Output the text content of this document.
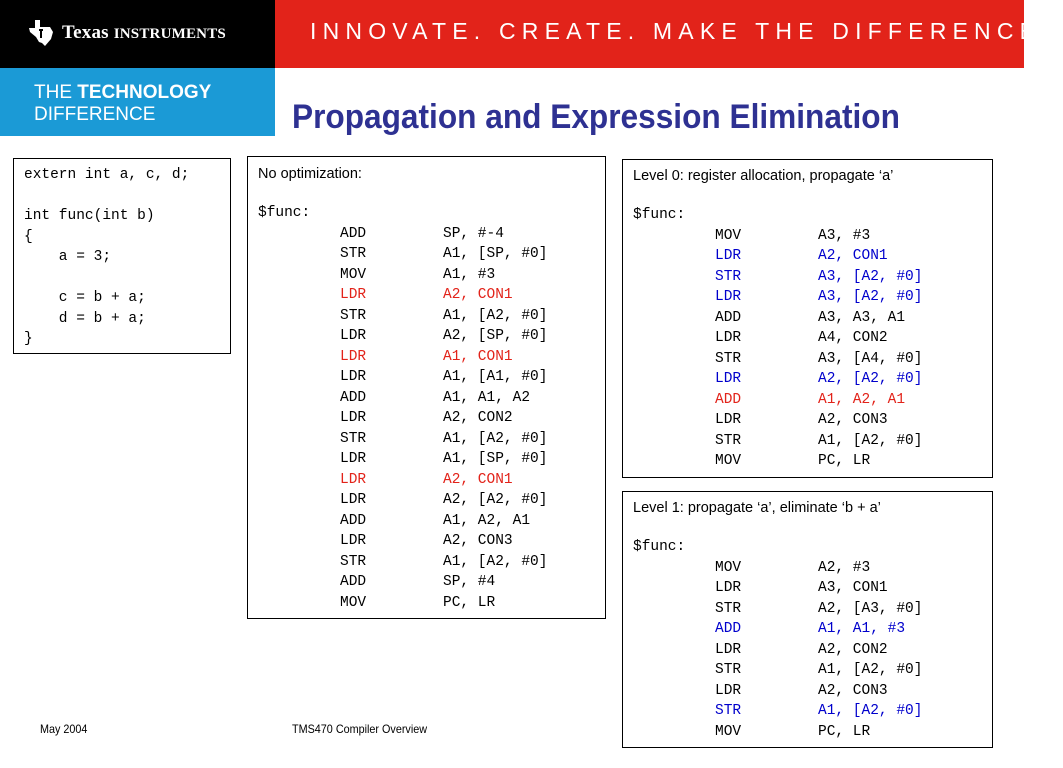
Texas INSTRUMENTS	INNOVATE. CREATE. MAKE THE DIFFERENCE.™
THE TECHNOLOGY
DIFFERENCE	Propagation and Expression Elimination
extern int a, c, d;
int func(int b)
{
a = 3;
c = b + a;
d = b + a;
}
No optimization:
$func:
ADD	SP, #-4
STR	A1, [SP, #0]
MOV	A1, #3
LDR	A2, CON1
STR	A1, [A2, #0]
LDR	A2, [SP, #0]
LDR	A1, CON1
LDR	A1, [A1, #0]
ADD	A1, A1, A2
LDR	A2, CON2
STR	A1, [A2, #0]
LDR	A1, [SP, #0]
LDR	A2, CON1
LDR	A2, [A2, #0]
ADD	A1, A2, A1
LDR	A2, CON3
STR	A1, [A2, #0]
ADD	SP, #4
MOV	PC, LR
Level 0: register allocation, propagate ‘a’
$func:
MOV	A3, #3
LDR	A2, CON1
STR	A3, [A2, #0]
LDR	A3, [A2, #0]
ADD	A3, A3, A1
LDR	A4, CON2
STR	A3, [A4, #0]
LDR	A2, [A2, #0]
ADD	A1, A2, A1
LDR	A2, CON3
STR	A1, [A2, #0]
MOV	PC, LR
Level 1: propagate ‘a’, eliminate ‘b + a’
$func:
MOV	A2, #3
LDR	A3, CON1
STR	A2, [A3, #0]
ADD	A1, A1, #3
LDR	A2, CON2
STR	A1, [A2, #0]
LDR	A2, CON3
STR	A1, [A2, #0]
MOV	PC, LR
May 2004	TMS470 Compiler Overview
